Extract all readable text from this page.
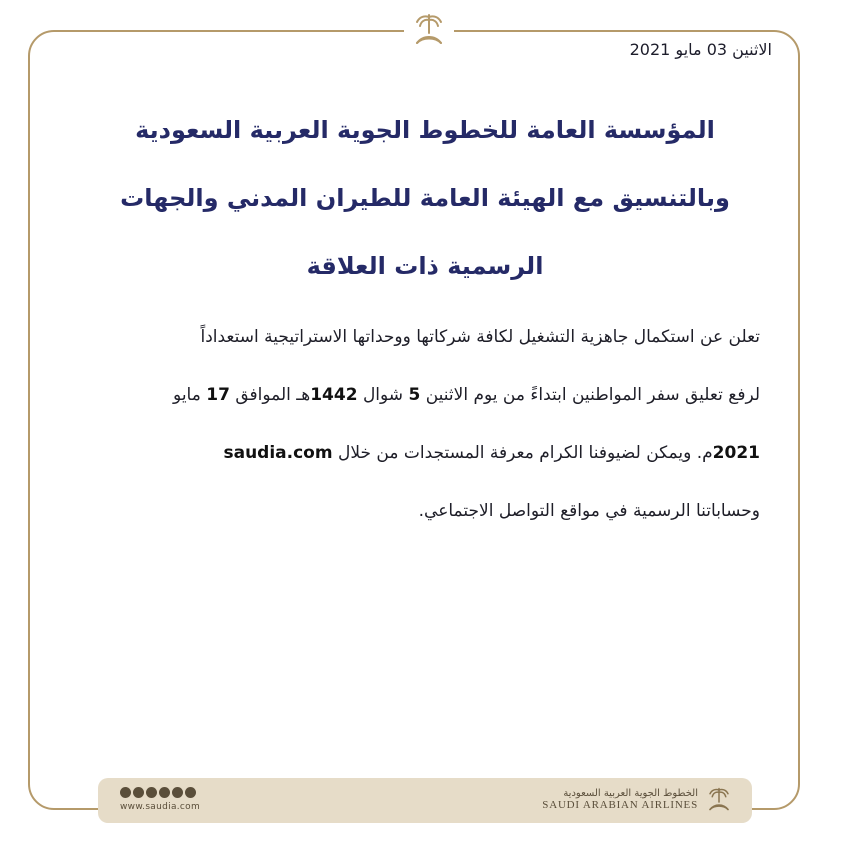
الاثنين 03 مايو 2021
المؤسسة العامة للخطوط الجوية العربية السعودية
وبالتنسيق مع الهيئة العامة للطيران المدني والجهات
الرسمية ذات العلاقة
تعلن عن استكمال جاهزية التشغيل لكافة شركاتها ووحداتها الاستراتيجية استعداداً
لرفع تعليق سفر المواطنين ابتداءً من يوم الاثنين 5 شوال 1442هـ الموافق 17 مايو
2021م. ويمكن لضيوفنا الكرام معرفة المستجدات من خلال saudia.com
وحساباتنا الرسمية في مواقع التواصل الاجتماعي.
www.saudia.com
الخطوط الجوية العربية السعودية
SAUDI ARABIAN AIRLINES
